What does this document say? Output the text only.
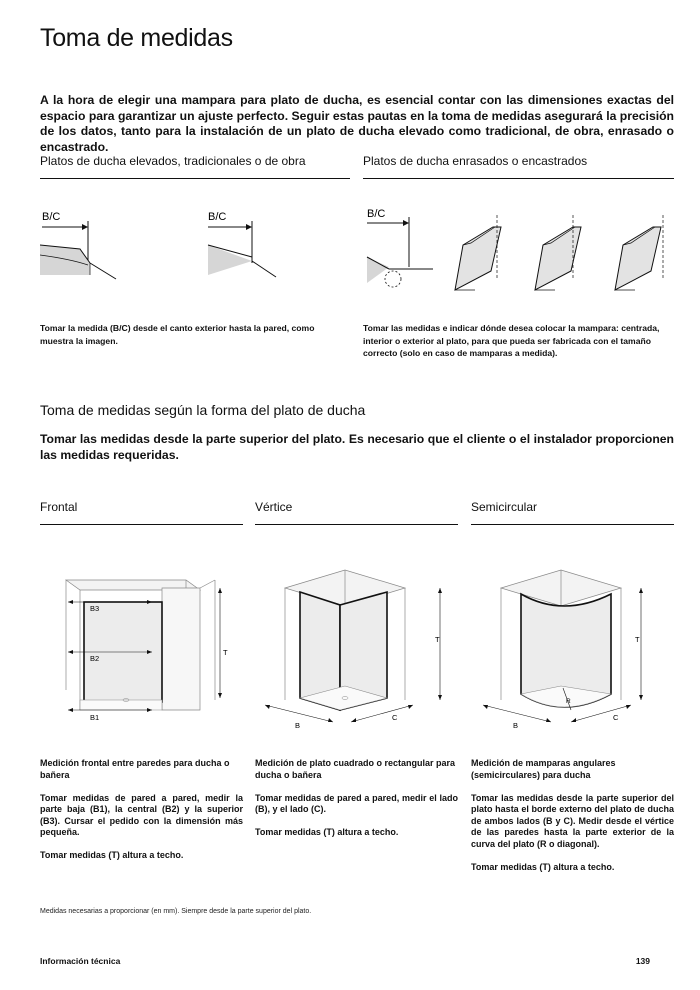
Toma de medidas
A la hora de elegir una mampara para plato de ducha, es esencial contar con las dimensiones exactas del espacio para garantizar un ajuste perfecto. Seguir estas pautas en la toma de medidas asegurará la precisión de los datos, tanto para la instalación de un plato de ducha elevado como tradicional, de obra, enrasado o encastrado.
Platos de ducha elevados, tradicionales o de obra
B/C	B/C
Tomar la medida (B/C) desde el canto exterior hasta la pared, como muestra la imagen.
Platos de ducha enrasados o encastrados
B/C
Tomar las medidas e indicar dónde desea colocar la mampara: centrada, interior o exterior al plato, para que pueda ser fabricada con el tamaño correcto (solo en caso de mamparas a medida).
Toma de medidas según la forma del plato de ducha
Tomar las medidas desde la parte superior del plato. Es necesario que el cliente o el instalador proporcionen las medidas requeridas.
Frontal	Vértice	Semicircular
B3
B2
B1
T
B
C
T
R
B
C
T

Medición frontal entre paredes para ducha o bañera

Tomar medidas de pared a pared, medir la parte baja (B1), la central (B2) y la superior (B3). Cursar el pedido con la dimensión más pequeña.

Tomar medidas (T) altura a techo.

Medición de plato cuadrado o rectangular para ducha o bañera

Tomar medidas de pared a pared, medir el lado (B), y el lado (C).

Tomar medidas (T) altura a techo.

Medición de mamparas angulares (semicirculares) para ducha

Tomar las medidas desde la parte superior del plato hasta el borde externo del plato de ducha de ambos lados (B y C). Medir desde el vértice de las paredes hasta la parte exterior de la curva del plato (R o diagonal).

Tomar medidas (T) altura a techo.

Medidas necesarias a proporcionar (en mm). Siempre desde la parte superior del plato.
Información técnica	139
